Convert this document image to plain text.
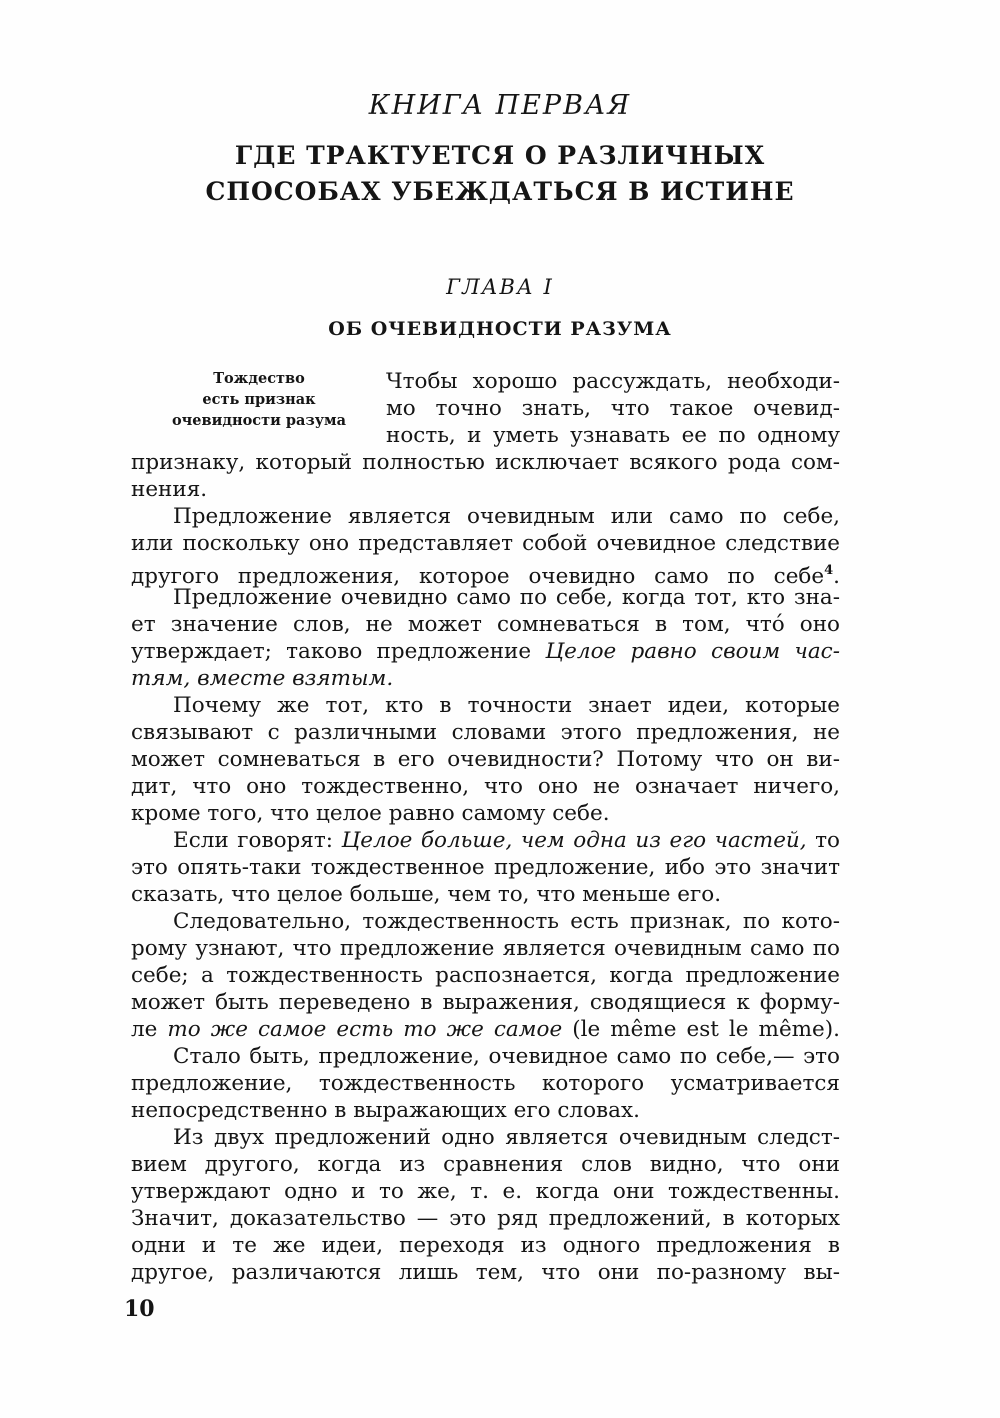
КНИГА ПЕРВАЯ
ГДЕ ТРАКТУЕТСЯ О РАЗЛИЧНЫХ
СПОСОБАХ УБЕЖДАТЬСЯ В ИСТИНЕ
ГЛАВА I
ОБ ОЧЕВИДНОСТИ РАЗУМА
Тождество
есть признак
очевидности разума
Чтобы хорошо рассуждать, необходи-
мо точно знать, что такое очевид-
ность, и уметь узнавать ее по одному
признаку, который полностью исключает всякого рода сом-
нения.
Предложение является очевидным или само по себе,
или поскольку оно представляет собой очевидное следствие
другого предложения, которое очевидно само по себе$^4$.
Предложение очевидно само по себе, когда тот, кто зна-
ет значение слов, не может сомневаться в том, что́ оно
утверждает; таково предложение Целое равно своим час-
тям, вместе взятым.
Почему же тот, кто в точности знает идеи, которые
связывают с различными словами этого предложения, не
может сомневаться в его очевидности? Потому что он ви-
дит, что оно тождественно, что оно не означает ничего,
кроме того, что целое равно самому себе.
Если говорят: Целое больше, чем одна из его частей, то
это опять-таки тождественное предложение, ибо это значит
сказать, что целое больше, чем то, что меньше его.
Следовательно, тождественность есть признак, по кото-
рому узнают, что предложение является очевидным само по
себе; а тождественность распознается, когда предложение
может быть переведено в выражения, сводящиеся к форму-
ле то же самое есть то же самое (le même est le même).
Стало быть, предложение, очевидное само по себе,— это
предложение, тождественность которого усматривается
непосредственно в выражающих его словах.
Из двух предложений одно является очевидным следст-
вием другого, когда из сравнения слов видно, что они
утверждают одно и то же, т. е. когда они тождественны.
Значит, доказательство — это ряд предложений, в которых
одни и те же идеи, переходя из одного предложения в
другое, различаются лишь тем, что они по-разному вы-
10
